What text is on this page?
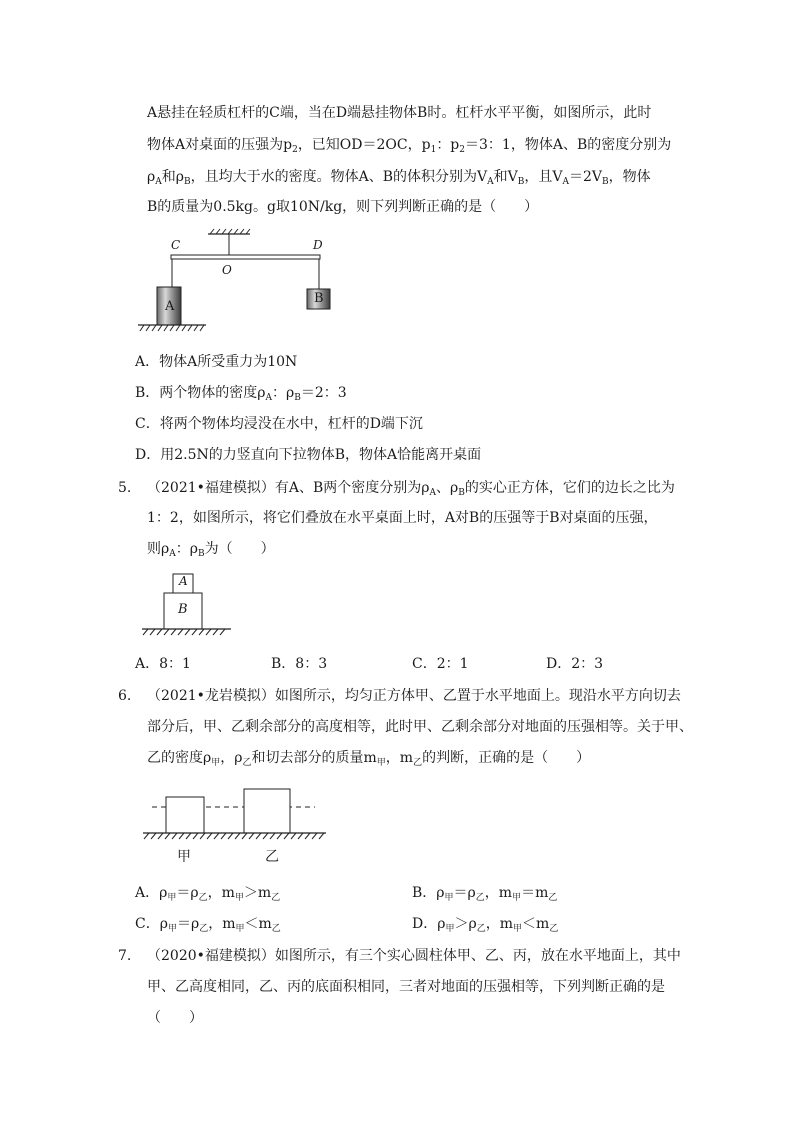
A悬挂在轻质杠杆的C端，当在D端悬挂物体B时。杠杆水平平衡，如图所示，此时
物体A对桌面的压强为$p_2$，已知OD＝2OC，$p_1$：$p_2=3$：1，物体A、B的密度分别为
$\rho_A$和$\rho_B$，且均大于水的密度。物体A、B的体积分别为$V_A$和$V_B$，且$V_A=2V_B$，物体
B的质量为0.5kg。g取10N/kg，则下列判断正确的是（　　）
C	D
O
A
B
A．物体A所受重力为10N
B．两个物体的密度$\rho_A$：$\rho_B=2$：3
C．将两个物体均浸没在水中，杠杆的D端下沉
D．用2.5N的力竖直向下拉物体B，物体A恰能离开桌面
5. （2021•福建模拟）有A、B两个密度分别为$\rho_A$、$\rho_B$的实心正方体，它们的边长之比为
1：2，如图所示，将它们叠放在水平桌面上时，A对B的压强等于B对桌面的压强，
则$\rho_A$：$\rho_B$为（　　）
A
B
A．8：1	B．8：3	C．2：1	D．2：3
6. （2021•龙岩模拟）如图所示，均匀正方体甲、乙置于水平地面上。现沿水平方向切去
部分后，甲、乙剩余部分的高度相等，此时甲、乙剩余部分对地面的压强相等。关于甲、
乙的密度$\rho_甲$，$\rho_乙$和切去部分的质量$m_甲$，$m_乙$的判断，正确的是（　　）
甲	乙
A．$\rho_甲=\rho_乙$，$m_甲>m_乙$	B．$\rho_甲=\rho_乙$，$m_甲=m_乙$
C．$\rho_甲=\rho_乙$，$m_甲<m_乙$	D．$\rho_甲>\rho_乙$，$m_甲<m_乙$
7. （2020•福建模拟）如图所示，有三个实心圆柱体甲、乙、丙，放在水平地面上，其中
甲、乙高度相同，乙、丙的底面积相同，三者对地面的压强相等，下列判断正确的是
（　　）
